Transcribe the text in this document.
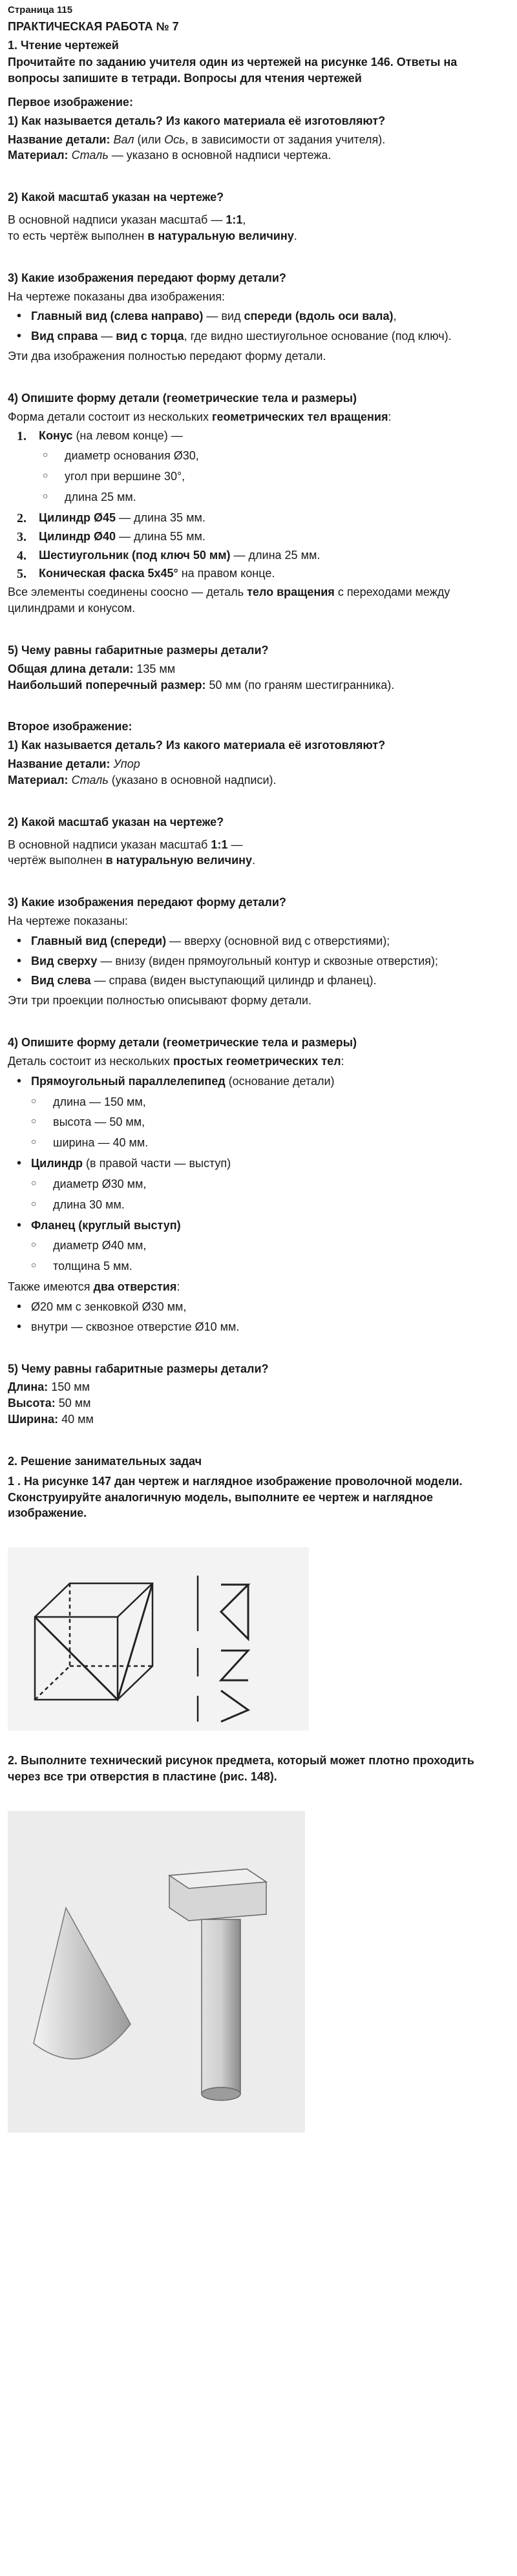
Страница 115
ПРАКТИЧЕСКАЯ РАБОТА № 7
1. Чтение чертежей
Прочитайте по заданию учителя один из чертежей на рисунке 146. Ответы на вопросы запишите в тетради. Вопросы для чтения чертежей
Первое изображение:

1) Как называется деталь? Из какого материала её изготовляют?

Название детали: Вал (или Ось, в зависимости от задания учителя).

Материал: Сталь — указано в основной надписи чертежа.

2) Какой масштаб указан на чертеже?

В основной надписи указан масштаб — 1:1,

то есть чертёж выполнен в натуральную величину.

3) Какие изображения передают форму детали?

На чертеже показаны два изображения:

• Главный вид (слева направо) — вид спереди (вдоль оси вала),
• Вид справа — вид с торца, где видно шестиугольное основание (под ключ).

Эти два изображения полностью передают форму детали.

4) Опишите форму детали (геометрические тела и размеры)

Форма детали состоит из нескольких геометрических тел вращения:

1. Конус (на левом конце) —
○ диаметр основания Ø30,
○ угол при вершине 30°,
○ длина 25 мм.
2. Цилиндр Ø45 — длина 35 мм.
3. Цилиндр Ø40 — длина 55 мм.
4. Шестиугольник (под ключ 50 мм) — длина 25 мм.
5. Коническая фаска 5x45° на правом конце.

Все элементы соединены соосно — деталь тело вращения с переходами между цилиндрами и конусом.

5) Чему равны габаритные размеры детали?

Общая длина детали: 135 мм

Наибольший поперечный размер: 50 мм (по граням шестигранника).

Второе изображение:

1) Как называется деталь? Из какого материала её изготовляют?

Название детали: Упор

Материал: Сталь (указано в основной надписи).

2) Какой масштаб указан на чертеже?

В основной надписи указан масштаб 1:1 —

чертёж выполнен в натуральную величину.

3) Какие изображения передают форму детали?

На чертеже показаны:

• Главный вид (спереди) — вверху (основной вид с отверстиями);
• Вид сверху — внизу (виден прямоугольный контур и сквозные отверстия);
• Вид слева — справа (виден выступающий цилиндр и фланец).

Эти три проекции полностью описывают форму детали.

4) Опишите форму детали (геометрические тела и размеры)

Деталь состоит из нескольких простых геометрических тел:

• Прямоугольный параллелепипед (основание детали)
○ длина — 150 мм,
○ высота — 50 мм,
○ ширина — 40 мм.
• Цилиндр (в правой части — выступ)
○ диаметр Ø30 мм,
○ длина 30 мм.
• Фланец (круглый выступ)
○ диаметр Ø40 мм,
○ толщина 5 мм.

Также имеются два отверстия:

• Ø20 мм с зенковкой Ø30 мм,
• внутри — сквозное отверстие Ø10 мм.

5) Чему равны габаритные размеры детали?

Длина: 150 мм

Высота: 50 мм

Ширина: 40 мм

2. Решение занимательных задач

1 . На рисунке 147 дан чертеж и наглядное изображение проволочной модели. Сконструируйте аналогичную модель, выполните ее чертеж и наглядное изображение.

2. Выполните технический рисунок предмета, который может плотно проходить через все три отверстия в пластине (рис. 148).
